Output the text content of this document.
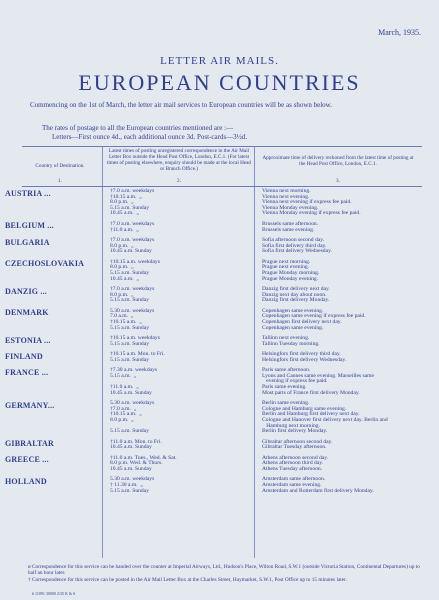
March, 1935.
LETTER AIR MAILS.
EUROPEAN COUNTRIES
Commencing on the 1st of March, the letter air mail services to European countries will be as shown below.
The rates of postage to all the European countries mentioned are :—
Letters—First ounce 4d., each additional ounce 3d. Post-cards—3½d.
Country of Destination.
1.
Latest times of posting unregistered correspondence in the Air Mail Letter Box outside the Head Post Office, London, E.C.1. (For latest times of posting elsewhere, enquiry should be made at the local Head or Branch Office.)
2.
Approximate time of delivery reckoned from the latest time of posting at the Head Post Office, London, E.C.1.
3.
AUSTRIA ...	†7.0 a.m. weekdays
†10.15 a.m.  „
8.0 p.m.  „
5.15 a.m. Sunday
10.45 a.m.  „
Vienna next morning.
Vienna next evening.
Vienna next evening if express fee paid.
Vienna Monday evening.
Vienna Monday evening if express fee paid.
BELGIUM ...	†7.0 a.m. weekdays
†11.0 a.m.  „
Brussels same afternoon.
Brussels same evening.
BULGARIA	†7.0 a.m. weekdays
8.0 p.m.  „
10.45 a.m. Sunday
Sofia afternoon second day.
Sofia first delivery third day.
Sofia first delivery Wednesday.
CZECHOSLOVAKIA	†10.15 a.m. weekdays
8.0 p.m.  „
5.15 a.m. Sunday
10.45 a.m.  „
Prague next morning.
Prague next evening.
Prague Monday morning.
Prague Monday evening.
DANZIG ...	†7.0 a.m. weekdays
8.0 p.m.  „
5.15 a.m. Sunday
Danzig first delivery next day.
Danzig next day about noon.
Danzig first delivery Monday.
DENMARK	5.30 a.m. weekdays
7.0 a.m.  „
†10.15 a.m.  „
5.15 a.m. Sunday
Copenhagen same evening.
Copenhagen same evening if express fee paid.
Copenhagen first delivery next day.
Copenhagen same evening.
ESTONIA ...	†10.15 a.m. weekdays
5.15 a.m. Sunday
Tallinn next evening.
Tallinn Tuesday morning.
FINLAND	†10.15 a.m. Mon. to Fri.
5.15 a.m. Sunday
Helsingfors first delivery third day.
Helsingfors first delivery Wednesday.
FRANCE ...	†7.30 a.m. weekdays
5.15 a.m.  „
†11.0 a.m.  „
10.45 a.m. Sunday
Paris same afternoon.
Lyons and Cannes same evening. Marseilles same
evening if express fee paid.
Paris same evening.
Most parts of France first delivery Monday.
GERMANY...	5.30 a.m. weekdays
†7.0 a.m.  „
†10.15 a.m.  „
8.0 p.m.  „
5.15 a.m. Sunday
Berlin same evening.
Cologne and Hamburg same evening.
Berlin and Hamburg first delivery next day.
Cologne and Hanover first delivery next day. Berlin and
Hamburg next morning.
Berlin first delivery Monday.
GIBRALTAR	†11.0 a.m. Mon. to Fri.
10.45 a.m. Sunday
Gibraltar afternoon second day.
Gibraltar Tuesday afternoon.
GREECE ...	†11.0 a.m. Tues., Wed. & Sat.
8.0 p.m. Wed. & Thurs.
10.45 a.m. Sunday
Athens afternoon second day.
Athens afternoon third day.
Athens Tuesday afternoon.
HOLLAND	5.30 a.m. weekdays
† 11.30 a.m.  „
5.15 a.m. Sunday
Amsterdam same afternoon.
Amsterdam same evening.
Amsterdam and Rotterdam first delivery Monday.
ø Correspondence for this service can be handed over the counter at Imperial Airways, Ltd., Hudson's Place, Wilton Road, S.W.1 (outside Victoria Station, Continental Departures) up to half an hour later.
† Correspondence for this service can be posted in the Air Mail Letter Box at the Charles Street, Haymarket, S.W.1, Post Office up to 15 minutes later.
# 11091 30000 2/35 K & S
